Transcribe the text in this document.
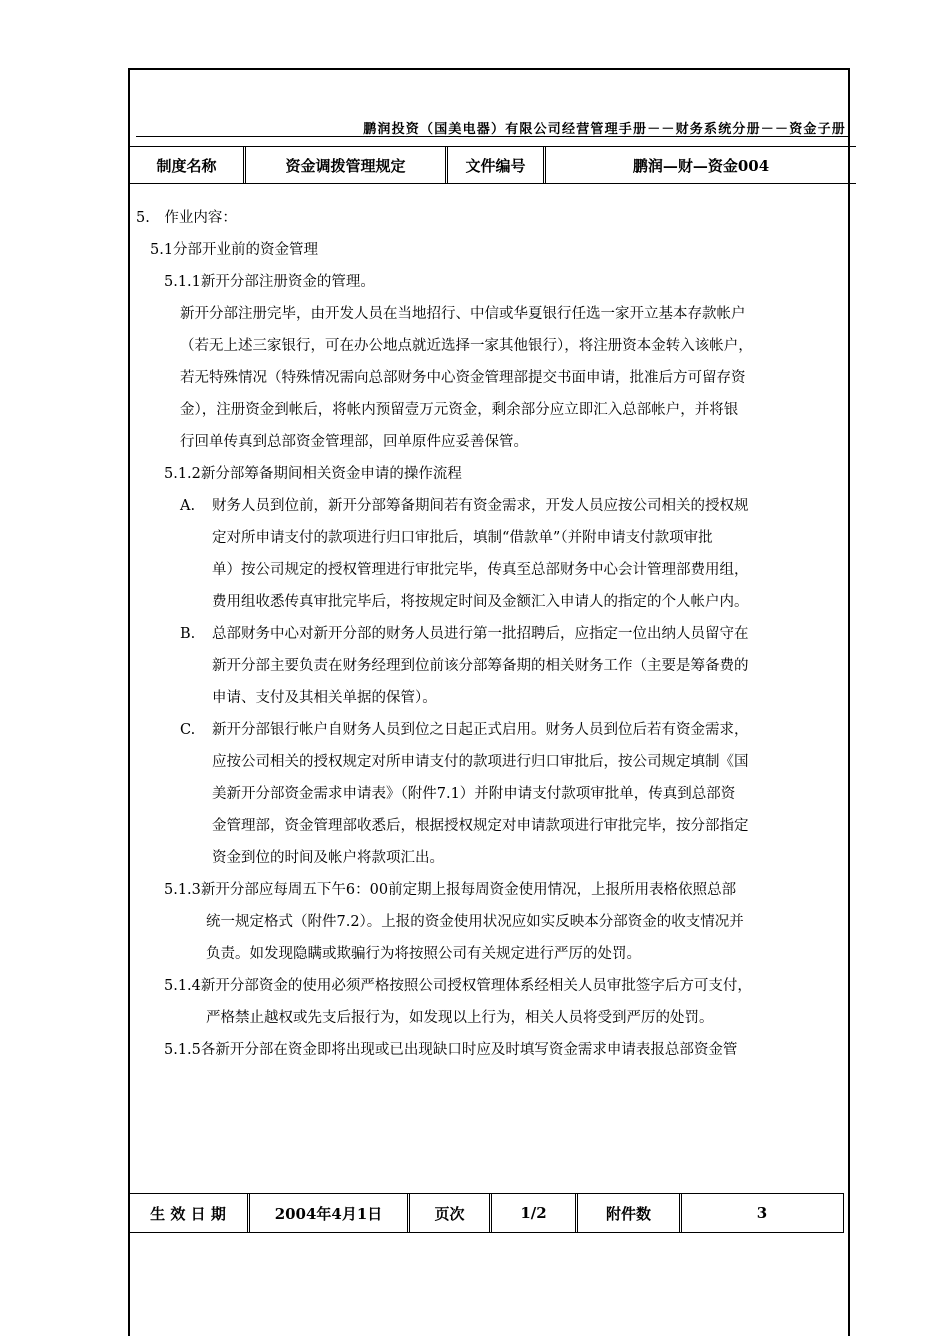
鹏润投资（国美电器）有限公司经营管理手册－－财务系统分册－－资金子册
制度名称	资金调拨管理规定	文件编号	鹏润—财—资金004
5.　作业内容：
5.1分部开业前的资金管理
5.1.1新开分部注册资金的管理。
新开分部注册完毕，由开发人员在当地招行、中信或华夏银行任选一家开立基本存款帐户
（若无上述三家银行，可在办公地点就近选择一家其他银行），将注册资本金转入该帐户，
若无特殊情况（特殊情况需向总部财务中心资金管理部提交书面申请，批准后方可留存资
金），注册资金到帐后，将帐内预留壹万元资金，剩余部分应立即汇入总部帐户，并将银
行回单传真到总部资金管理部，回单原件应妥善保管。
5.1.2新分部筹备期间相关资金申请的操作流程
A. 财务人员到位前，新开分部筹备期间若有资金需求，开发人员应按公司相关的授权规
定对所申请支付的款项进行归口审批后，填制“借款单”（并附申请支付款项审批
单）按公司规定的授权管理进行审批完毕，传真至总部财务中心会计管理部费用组，
费用组收悉传真审批完毕后，将按规定时间及金额汇入申请人的指定的个人帐户内。
B. 总部财务中心对新开分部的财务人员进行第一批招聘后，应指定一位出纳人员留守在
新开分部主要负责在财务经理到位前该分部筹备期的相关财务工作（主要是筹备费的
申请、支付及其相关单据的保管）。
C. 新开分部银行帐户自财务人员到位之日起正式启用。财务人员到位后若有资金需求，
应按公司相关的授权规定对所申请支付的款项进行归口审批后，按公司规定填制《国
美新开分部资金需求申请表》（附件7.1）并附申请支付款项审批单，传真到总部资
金管理部，资金管理部收悉后，根据授权规定对申请款项进行审批完毕，按分部指定
资金到位的时间及帐户将款项汇出。
5.1.3新开分部应每周五下午6：00前定期上报每周资金使用情况，上报所用表格依照总部
统一规定格式（附件7.2）。上报的资金使用状况应如实反映本分部资金的收支情况并
负责。如发现隐瞒或欺骗行为将按照公司有关规定进行严厉的处罚。
5.1.4新开分部资金的使用必须严格按照公司授权管理体系经相关人员审批签字后方可支付，
严格禁止越权或先支后报行为，如发现以上行为，相关人员将受到严厉的处罚。
5.1.5各新开分部在资金即将出现或已出现缺口时应及时填写资金需求申请表报总部资金管
生 效 日 期	2004年4月1日	页次	1/2	附件数	3
